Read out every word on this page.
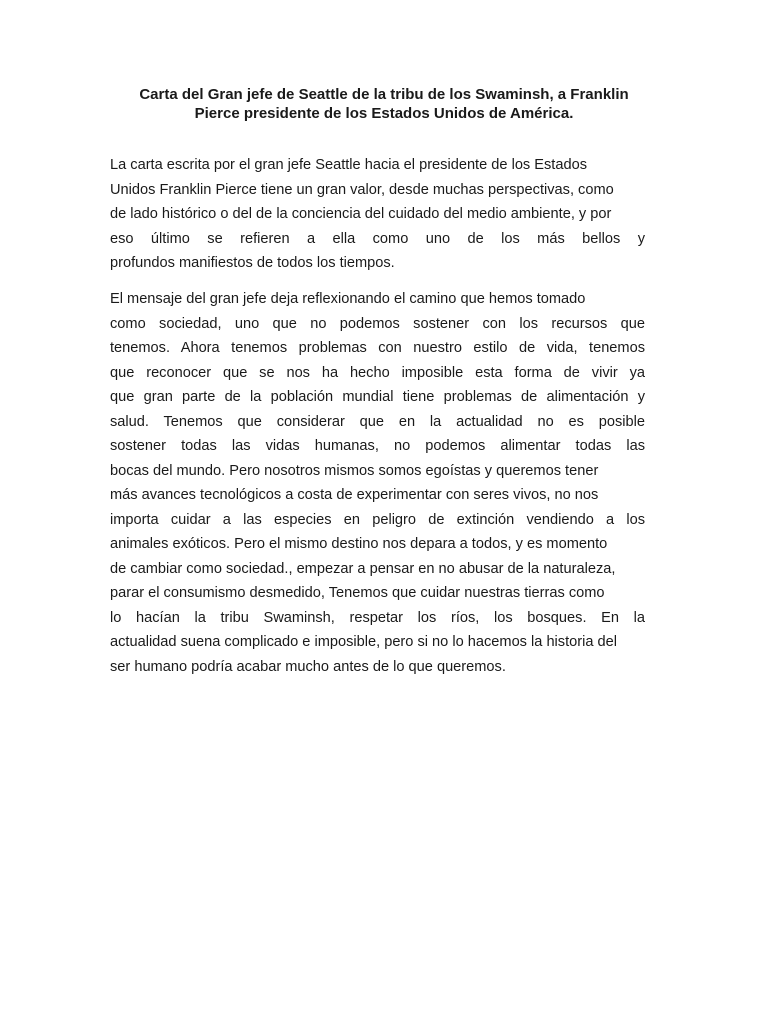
Carta del Gran jefe de Seattle de la tribu de los Swaminsh, a Franklin
Pierce presidente de los Estados Unidos de América.

La carta escrita por el gran jefe Seattle hacia el presidente de los Estados
Unidos Franklin Pierce tiene un gran valor, desde muchas perspectivas, como
de lado histórico o del de la conciencia del cuidado del medio ambiente, y por
eso último se refieren a ella como uno de los más bellos y
profundos manifiestos de todos los tiempos.

El mensaje del gran jefe deja reflexionando el camino que hemos tomado
como sociedad, uno que no podemos sostener con los recursos que
tenemos. Ahora tenemos problemas con nuestro estilo de vida, tenemos
que reconocer que se nos ha hecho imposible esta forma de vivir ya
que gran parte de la población mundial tiene problemas de alimentación y
salud. Tenemos que considerar que en la actualidad no es posible
sostener todas las vidas humanas, no podemos alimentar todas las
bocas del mundo. Pero nosotros mismos somos egoístas y queremos tener
más avances tecnológicos a costa de experimentar con seres vivos, no nos
importa cuidar a las especies en peligro de extinción vendiendo a los
animales exóticos. Pero el mismo destino nos depara a todos, y es momento
de cambiar como sociedad., empezar a pensar en no abusar de la naturaleza,
parar el consumismo desmedido, Tenemos que cuidar nuestras tierras como
lo hacían la tribu Swaminsh, respetar los ríos, los bosques. En la
actualidad suena complicado e imposible, pero si no lo hacemos la historia del
ser humano podría acabar mucho antes de lo que queremos.
